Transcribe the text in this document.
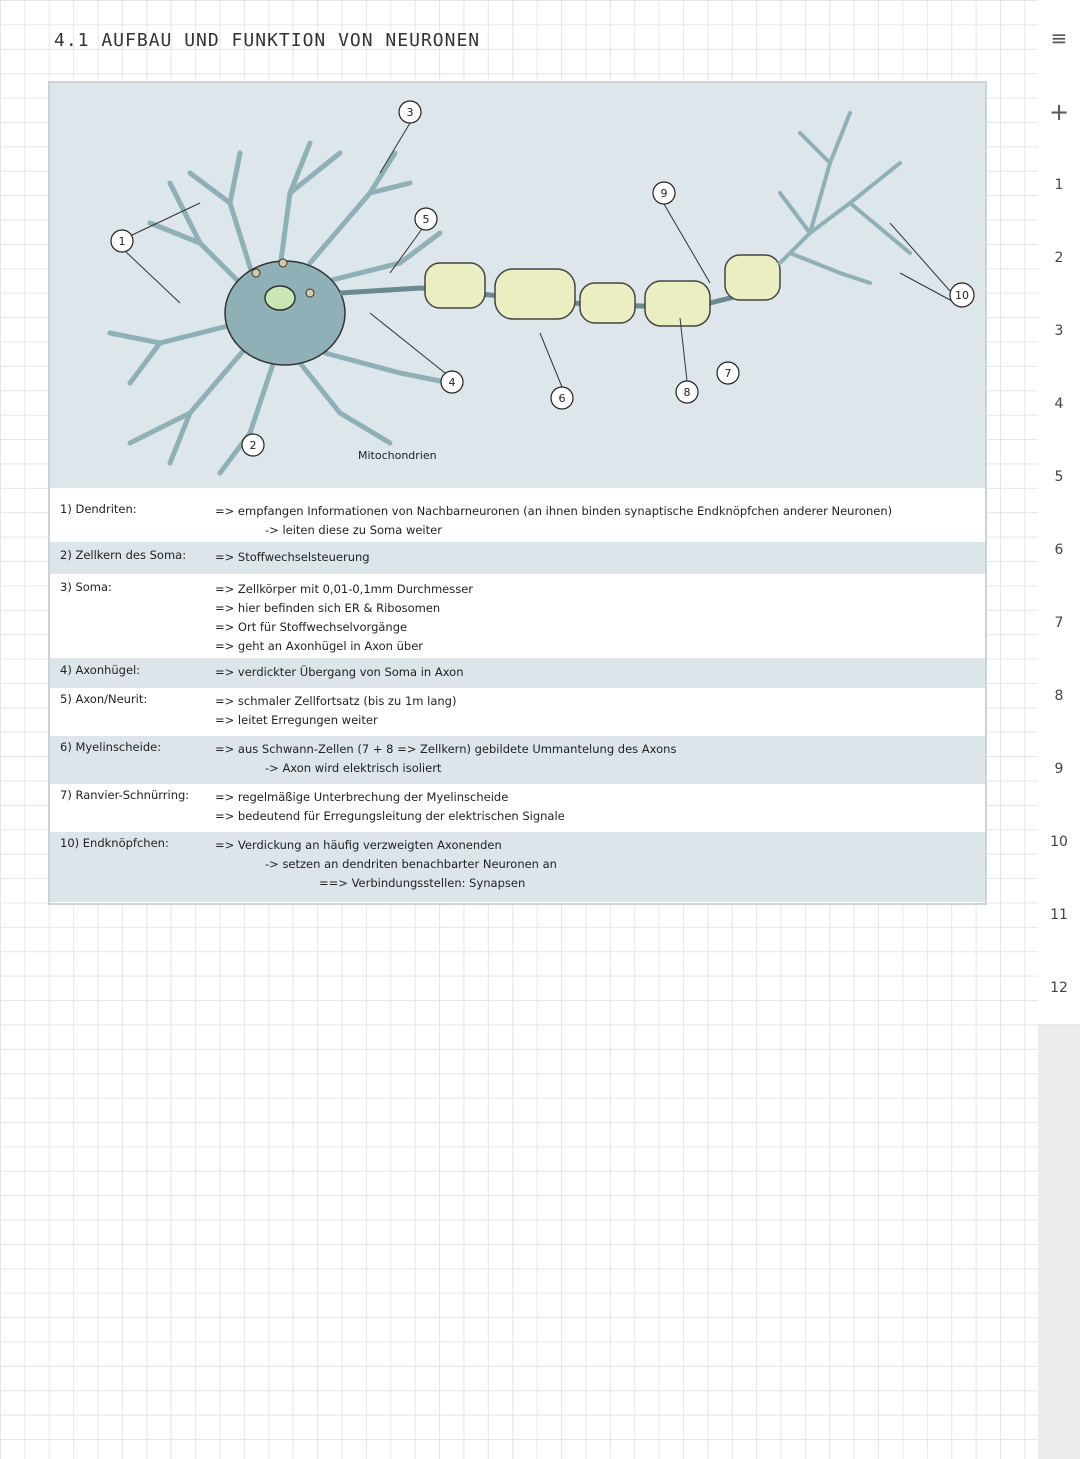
4.1 AUFBAU UND FUNKTION VON NEURONEN
1
2
3
4
5
6
7
8
9
10
Mitochondrien
1) Dendriten:	=> empfangen Informationen von Nachbarneuronen (an ihnen binden synaptische Endknöpfchen anderer Neuronen)
-> leiten diese zu Soma weiter
2) Zellkern des Soma:	=> Stoffwechselsteuerung
3) Soma:	=> Zellkörper mit 0,01-0,1mm Durchmesser
=> hier befinden sich ER & Ribosomen
=> Ort für Stoffwechselvorgänge
=> geht an Axonhügel in Axon über
4) Axonhügel:	=> verdickter Übergang von Soma in Axon
5) Axon/Neurit:	=> schmaler Zellfortsatz (bis zu 1m lang)
=> leitet Erregungen weiter
6) Myelinscheide:	=> aus Schwann-Zellen (7 + 8 => Zellkern) gebildete Ummantelung des Axons
-> Axon wird elektrisch isoliert
7) Ranvier-Schnürring:	=> regelmäßige Unterbrechung der Myelinscheide
=> bedeutend für Erregungsleitung der elektrischen Signale
10) Endknöpfchen:	=> Verdickung an häufig verzweigten Axonenden
-> setzen an dendriten benachbarter Neuronen an
==> Verbindungsstellen: Synapsen
≡
+
1
2
3
4
5
6
7
8
9
10
11
12
